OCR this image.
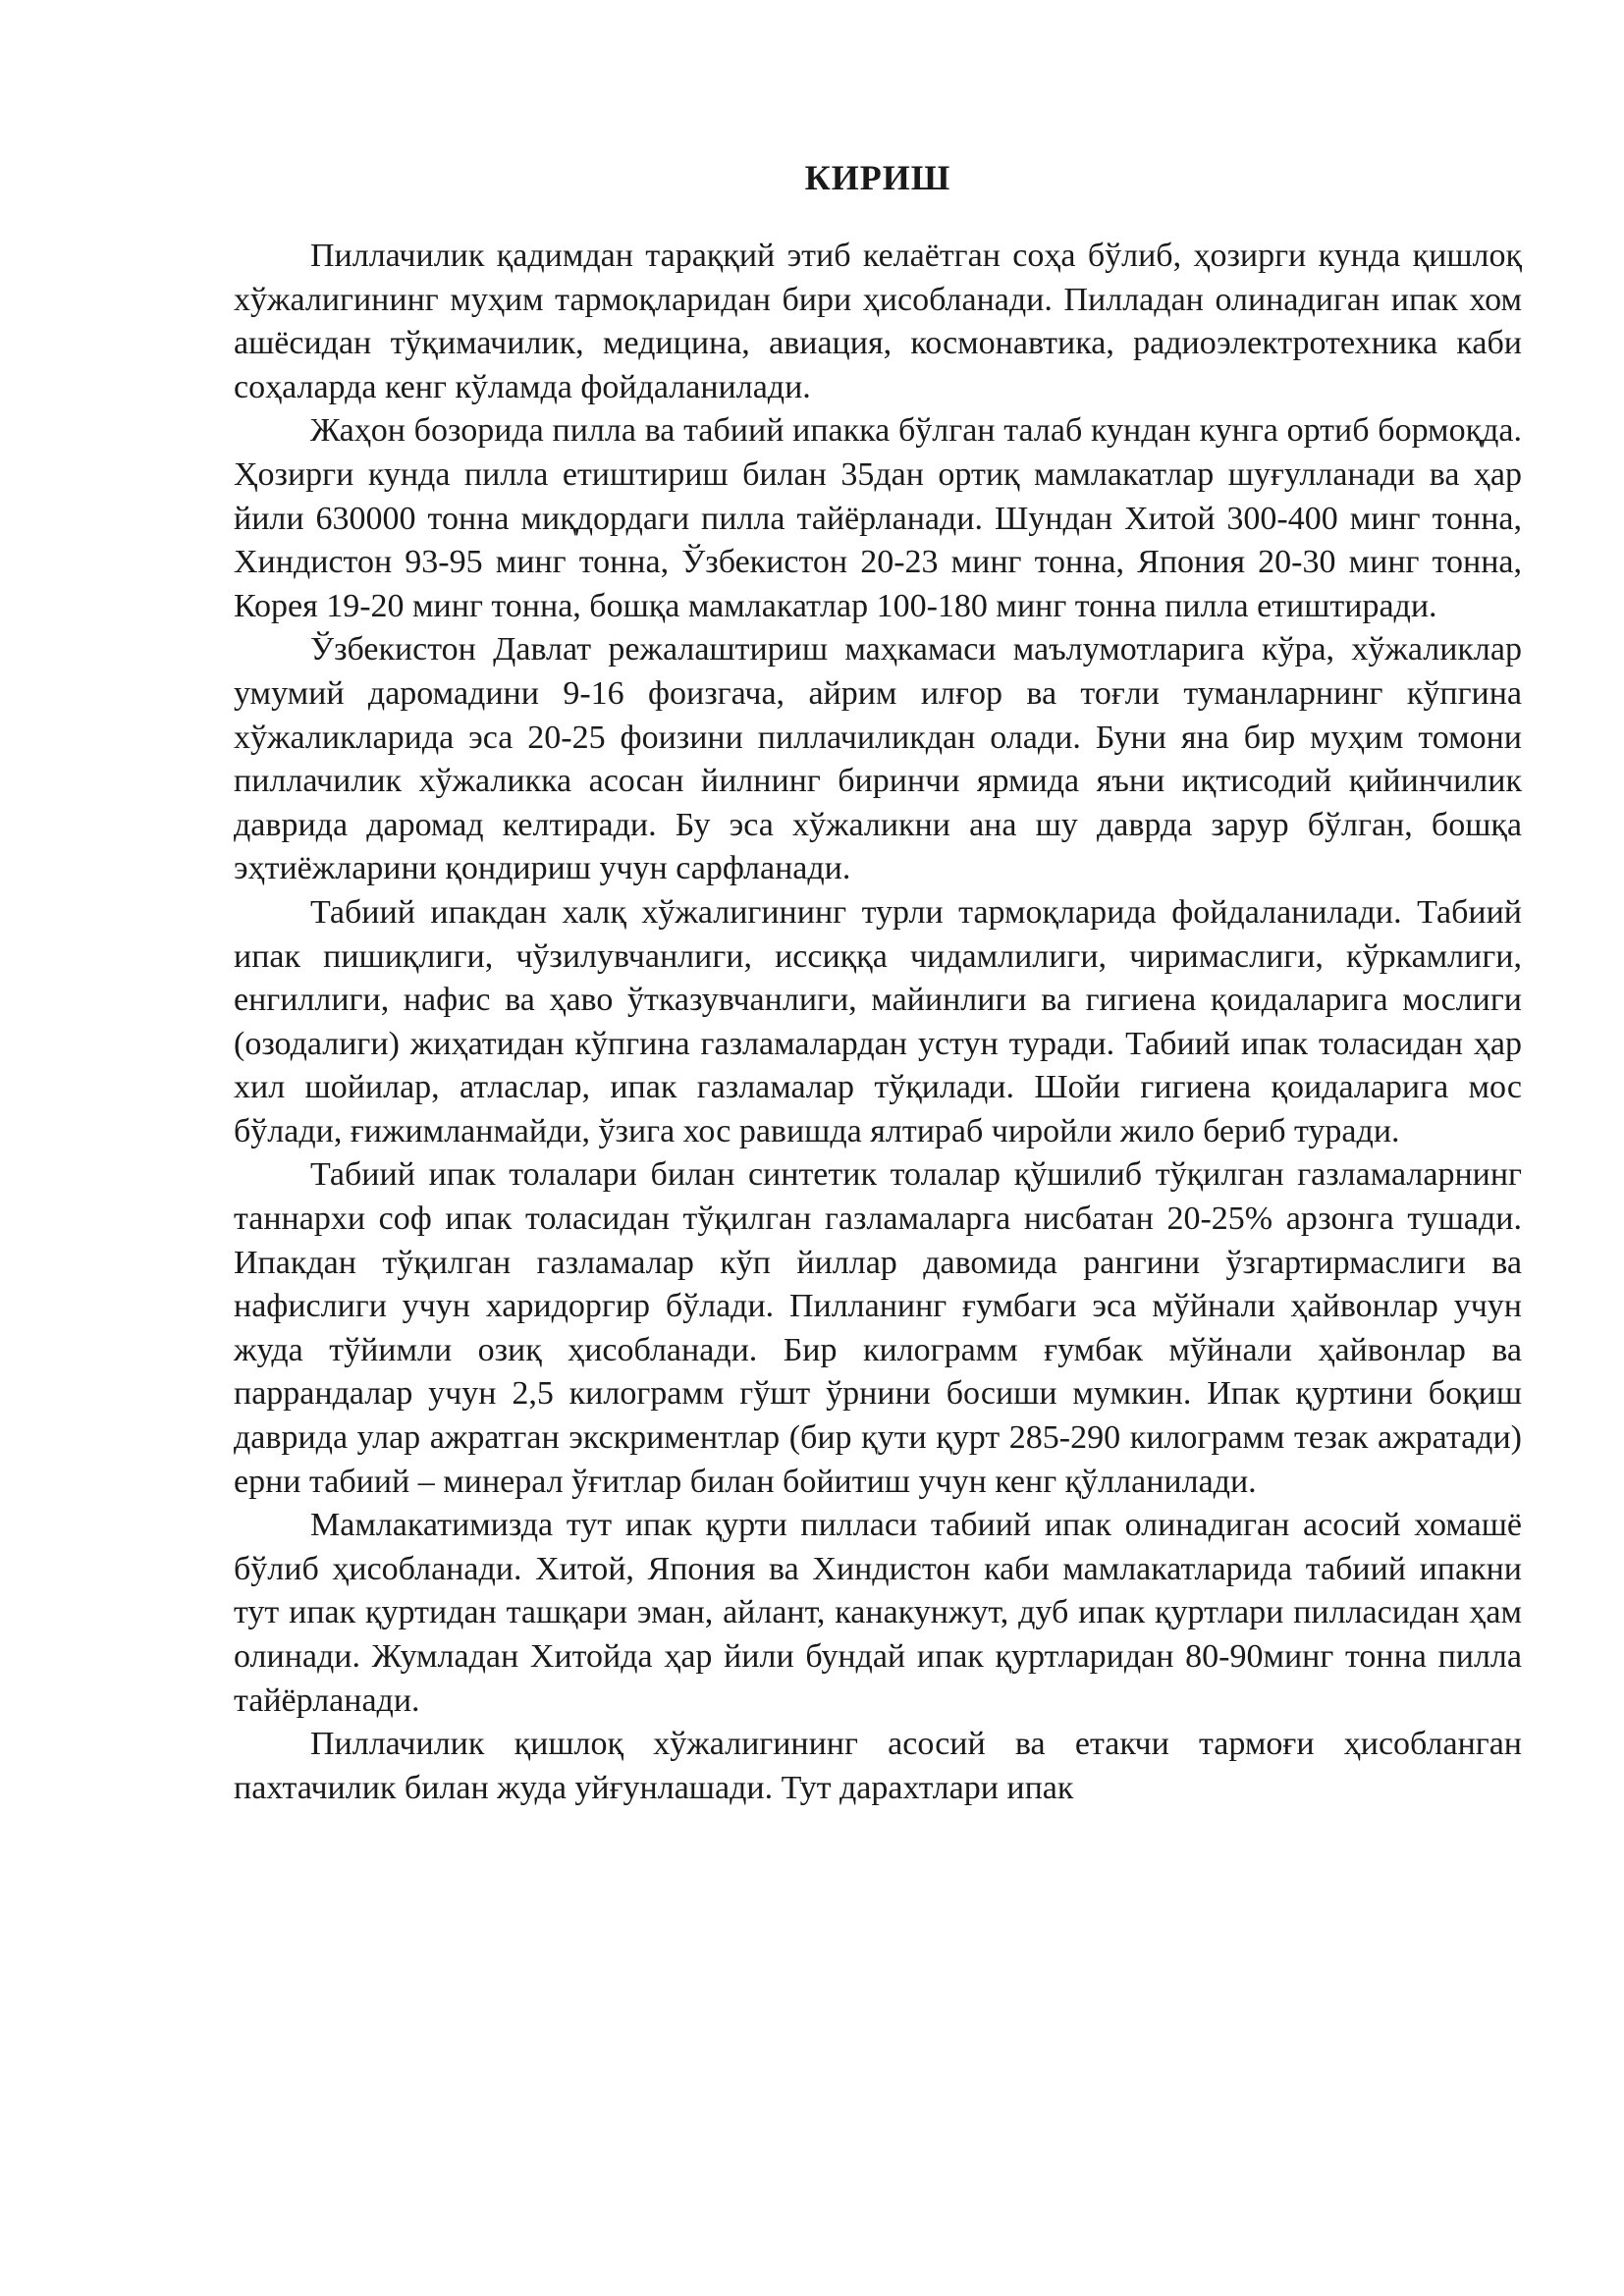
КИРИШ

Пиллачилик қадимдан тараққий этиб келаётган соҳа бўлиб, ҳозирги кунда қишлоқ хўжалигининг муҳим тармоқларидан бири ҳисобланади. Пилладан олинадиган ипак хом ашёсидан тўқимачилик, медицина, авиация, космонавтика, радиоэлектротехника каби соҳаларда кенг кўламда фойдаланилади.

Жаҳон бозорида пилла ва табиий ипакка бўлган талаб кундан кунга ортиб бормоқда. Ҳозирги кунда пилла етиштириш билан 35дан ортиқ мамлакатлар шуғулланади ва ҳар йили 630000 тонна миқдордаги пилла тайёрланади. Шундан Хитой 300-400 минг тонна, Хиндистон 93-95 минг тонна, Ўзбекистон 20-23 минг тонна, Япония 20-30 минг тонна, Корея 19-20 минг тонна, бошқа мамлакатлар 100-180 минг тонна пилла етиштиради.

Ўзбекистон Давлат режалаштириш маҳкамаси маълумотларига кўра, хўжаликлар умумий даромадини 9-16 фоизгача, айрим илғор ва тоғли туманларнинг кўпгина хўжаликларида эса 20-25 фоизини пиллачиликдан олади. Буни яна бир муҳим томони пиллачилик хўжаликка асосан йилнинг биринчи ярмида яъни иқтисодий қийинчилик даврида даромад келтиради. Бу эса хўжаликни ана шу даврда зарур бўлган, бошқа эҳтиёжларини қондириш учун сарфланади.

Табиий ипакдан халқ хўжалигининг турли тармоқларида фойдаланилади. Табиий ипак пишиқлиги, чўзилувчанлиги, иссиққа чидамлилиги, чиримаслиги, кўркамлиги, енгиллиги, нафис ва ҳаво ўтказувчанлиги, майинлиги ва гигиена қоидаларига мослиги (озодалиги) жиҳатидан кўпгина газламалардан устун туради. Табиий ипак толасидан ҳар хил шойилар, атласлар, ипак газламалар тўқилади. Шойи гигиена қоидаларига мос бўлади, ғижимланмайди, ўзига хос равишда ялтираб чиройли жило бериб туради.

Табиий ипак толалари билан синтетик толалар қўшилиб тўқилган газламаларнинг таннархи соф ипак толасидан тўқилган газламаларга нисбатан 20-25% арзонга тушади. Ипакдан тўқилган газламалар кўп йиллар давомида рангини ўзгартирмаслиги ва нафислиги учун харидоргир бўлади. Пилланинг ғумбаги эса мўйнали ҳайвонлар учун жуда тўйимли озиқ ҳисобланади. Бир килограмм ғумбак мўйнали ҳайвонлар ва паррандалар учун 2,5 килограмм гўшт ўрнини босиши мумкин. Ипак қуртини боқиш даврида улар ажратган экскриментлар (бир қути қурт 285-290 килограмм тезак ажратади) ерни табиий – минерал ўғитлар билан бойитиш учун кенг қўлланилади.

Мамлакатимизда тут ипак қурти пилласи табиий ипак олинадиган асосий хомашё бўлиб ҳисобланади. Хитой, Япония ва Хиндистон каби мамлакатларида табиий ипакни тут ипак қуртидан ташқари эман, айлант, канакунжут, дуб ипак қуртлари пилласидан ҳам олинади. Жумладан Хитойда ҳар йили бундай ипак қуртларидан 80-90минг тонна пилла тайёрланади.

Пиллачилик қишлоқ хўжалигининг асосий ва етакчи тармоғи ҳисобланган пахтачилик билан жуда уйғунлашади. Тут дарахтлари ипак
